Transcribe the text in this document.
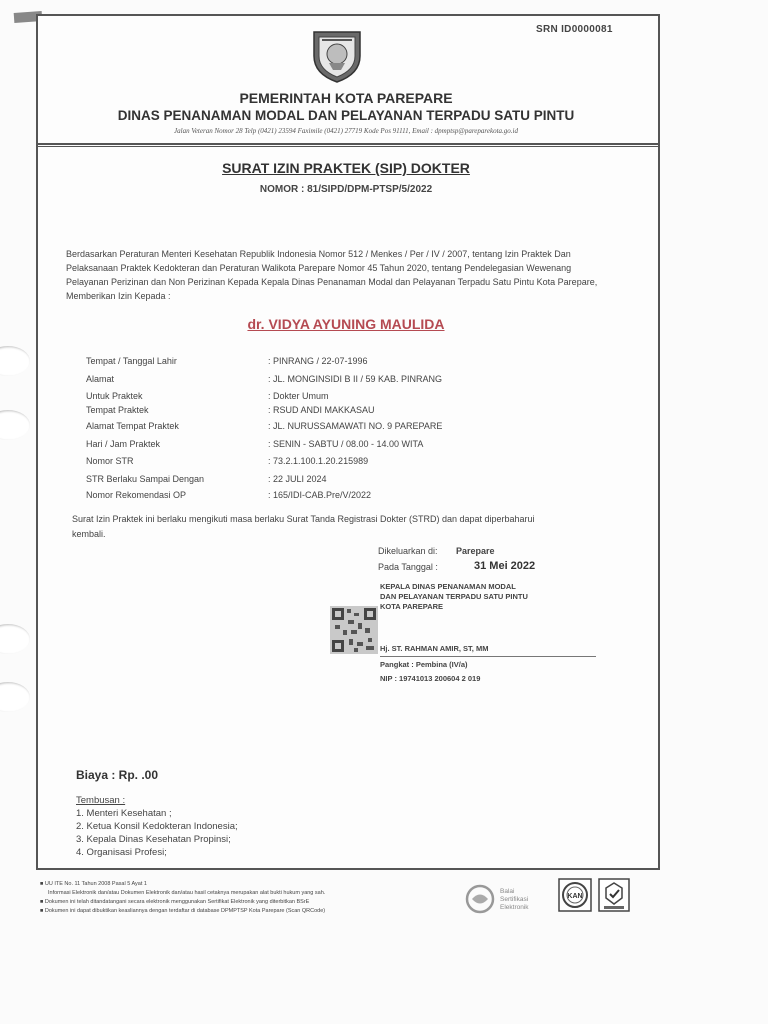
SRN ID0000081
PEMERINTAH KOTA PAREPARE
DINAS PENANAMAN MODAL DAN PELAYANAN TERPADU SATU PINTU
Jalan Veteran Nomor 28 Telp (0421) 23594 Faximile (0421) 27719 Kode Pos 91111, Email : dpmptsp@pareparekota.go.id
SURAT IZIN PRAKTEK (SIP) DOKTER
NOMOR : 81/SIPD/DPM-PTSP/5/2022
Berdasarkan Peraturan Menteri Kesehatan Republik Indonesia Nomor 512 / Menkes / Per / IV / 2007, tentang Izin Praktek Dan Pelaksanaan Praktek Kedokteran dan Peraturan Walikota Parepare Nomor 45 Tahun 2020, tentang Pendelegasian Wewenang Pelayanan Perizinan dan Non Perizinan Kepada Kepala Dinas Penanaman Modal dan Pelayanan Terpadu Satu Pintu Kota Parepare, Memberikan Izin Kepada :
dr. VIDYA AYUNING MAULIDA
Tempat / Tanggal Lahir	: PINRANG / 22-07-1996
Alamat	: JL. MONGINSIDI B II / 59 KAB. PINRANG
Untuk Praktek	: Dokter Umum
Tempat Praktek	: RSUD ANDI MAKKASAU
Alamat Tempat Praktek	: JL. NURUSSAMAWATI NO. 9 PAREPARE
Hari / Jam Praktek	: SENIN - SABTU / 08.00 - 14.00 WITA
Nomor STR	: 73.2.1.100.1.20.215989
STR Berlaku Sampai Dengan	: 22 JULI 2024
Nomor Rekomendasi OP	: 165/IDI-CAB.Pre/V/2022
Surat Izin Praktek ini berlaku mengikuti masa berlaku Surat Tanda Registrasi Dokter (STRD) dan dapat diperbaharui kembali.
Dikeluarkan di: Parepare
Pada Tanggal :	31 Mei 2022
KEPALA DINAS PENANAMAN MODAL
DAN PELAYANAN TERPADU SATU PINTU
KOTA PAREPARE
Hj. ST. RAHMAN AMIR, ST, MM
Pangkat : Pembina (IV/a)
NIP : 19741013 200604 2 019
Biaya : Rp. .00
Tembusan :
1. Menteri Kesehatan ;
2. Ketua Konsil Kedokteran Indonesia;
3. Kepala Dinas Kesehatan Propinsi;
4. Organisasi Profesi;
■ UU ITE No. 11 Tahun 2008 Pasal 5 Ayat 1
Informasi Elektronik dan/atau Dokumen Elektronik dan/atau hasil cetaknya merupakan alat bukti hukum yang sah.
■ Dokumen ini telah ditandatangani secara elektronik menggunakan Sertifikat Elektronik yang diterbitkan BSrE
■ Dokumen ini dapat dibuktikan keasliannya dengan terdaftar di database DPMPTSP Kota Parepare (Scan QRCode)
Balai
Sertifikasi
Elektronik
KAN
